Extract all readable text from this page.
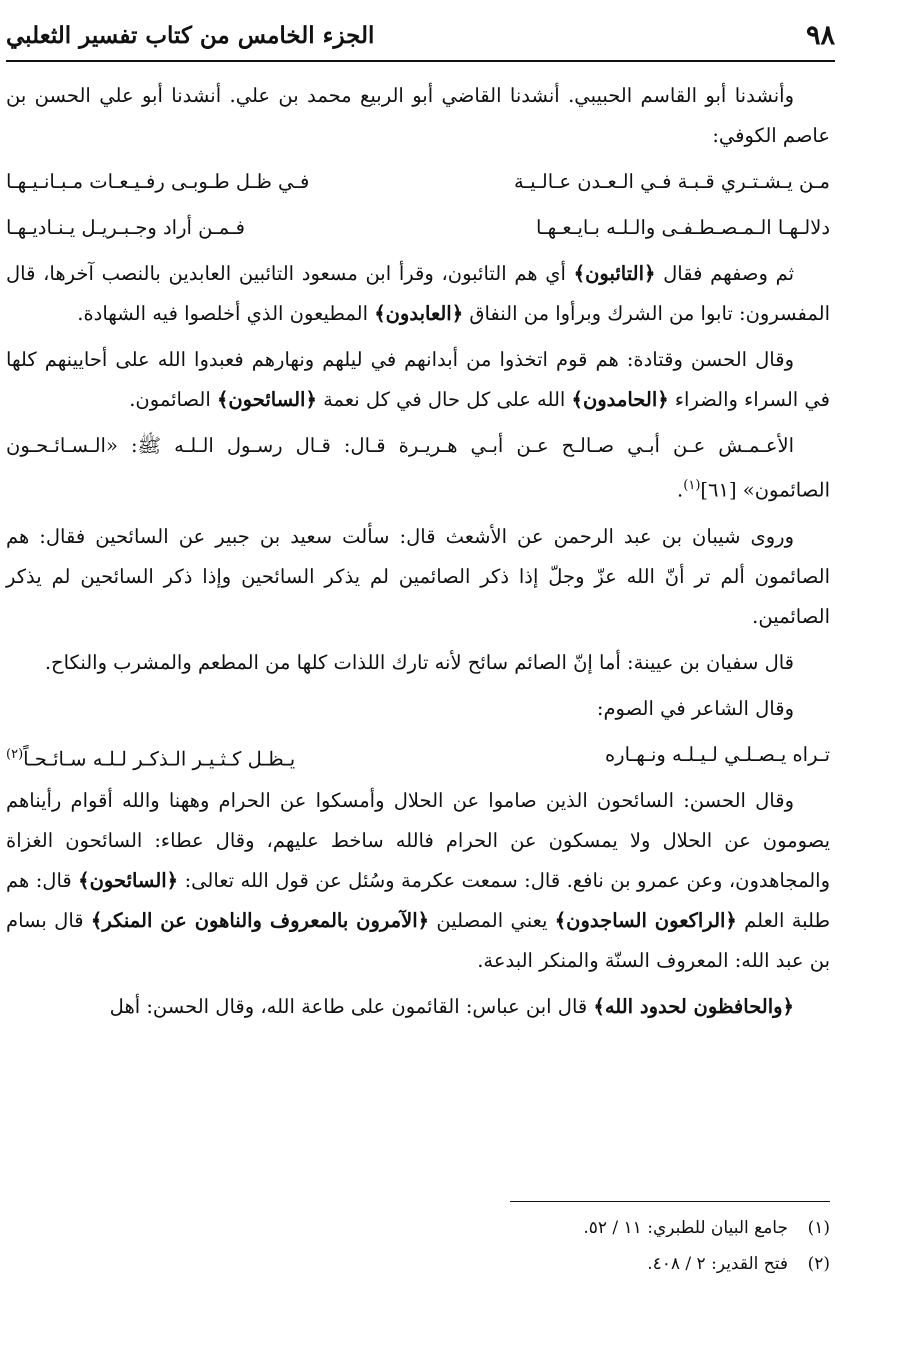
٩٨
الجزء الخامس من كتاب تفسير الثعلبي

وأنشدنا أبو القاسم الحبيبي. أنشدنا القاضي أبو الربيع محمد بن علي. أنشدنا أبو علي الحسن بن عاصم الكوفي:

مـن يـشـتـري قـبـة فـي الـعـدن عـالـيـة
فـي ظـل طـوبـى رفـيـعـات مـبـانـيـهـا
دلالـهـا الـمـصـطـفـى والـلـه بـايـعـهـا
فـمـن أراد وجـبـريـل يـنـاديـهـا

ثم وصفهم فقال ﴿التائبون﴾ أي هم التائبون، وقرأ ابن مسعود التائبين العابدين بالنصب آخرها، قال المفسرون: تابوا من الشرك وبرأوا من النفاق ﴿العابدون﴾ المطيعون الذي أخلصوا فيه الشهادة.

وقال الحسن وقتادة: هم قوم اتخذوا من أبدانهم في ليلهم ونهارهم فعبدوا الله على أحايينهم كلها في السراء والضراء ﴿الحامدون﴾ الله على كل حال في كل نعمة ﴿السائحون﴾ الصائمون.

الأعـمـش عـن أبـي صـالـح عـن أبـي هـريـرة قـال: قـال رسـول الـلـه ﷺ: «الـسـائـحـون الصائمون» [٦١]$^{(١)}$.

وروى شيبان بن عبد الرحمن عن الأشعث قال: سألت سعيد بن جبير عن السائحين فقال: هم الصائمون ألم تر أنّ الله عزّ وجلّ إذا ذكر الصائمين لم يذكر السائحين وإذا ذكر السائحين لم يذكر الصائمين.

قال سفيان بن عيينة: أما إنّ الصائم سائح لأنه تارك اللذات كلها من المطعم والمشرب والنكاح.

وقال الشاعر في الصوم:

تـراه يـصـلـي لـيـلـه ونـهـاره
يـظـل كـثـيـر الـذكـر لـلـه سـائـحـاً$^{(٢)}$

وقال الحسن: السائحون الذين صاموا عن الحلال وأمسكوا عن الحرام وههنا والله أقوام رأيناهم يصومون عن الحلال ولا يمسكون عن الحرام فالله ساخط عليهم، وقال عطاء: السائحون الغزاة والمجاهدون، وعن عمرو بن نافع. قال: سمعت عكرمة وسُئل عن قول الله تعالى: ﴿السائحون﴾ قال: هم طلبة العلم ﴿الراكعون الساجدون﴾ يعني المصلين ﴿الآمرون بالمعروف والناهون عن المنكر﴾ قال بسام بن عبد الله: المعروف السنّة والمنكر البدعة.

﴿والحافظون لحدود الله﴾ قال ابن عباس: القائمون على طاعة الله، وقال الحسن: أهل

(١)جامع البيان للطبري: ١١ / ٥٢.
(٢)فتح القدير: ٢ / ٤٠٨.
